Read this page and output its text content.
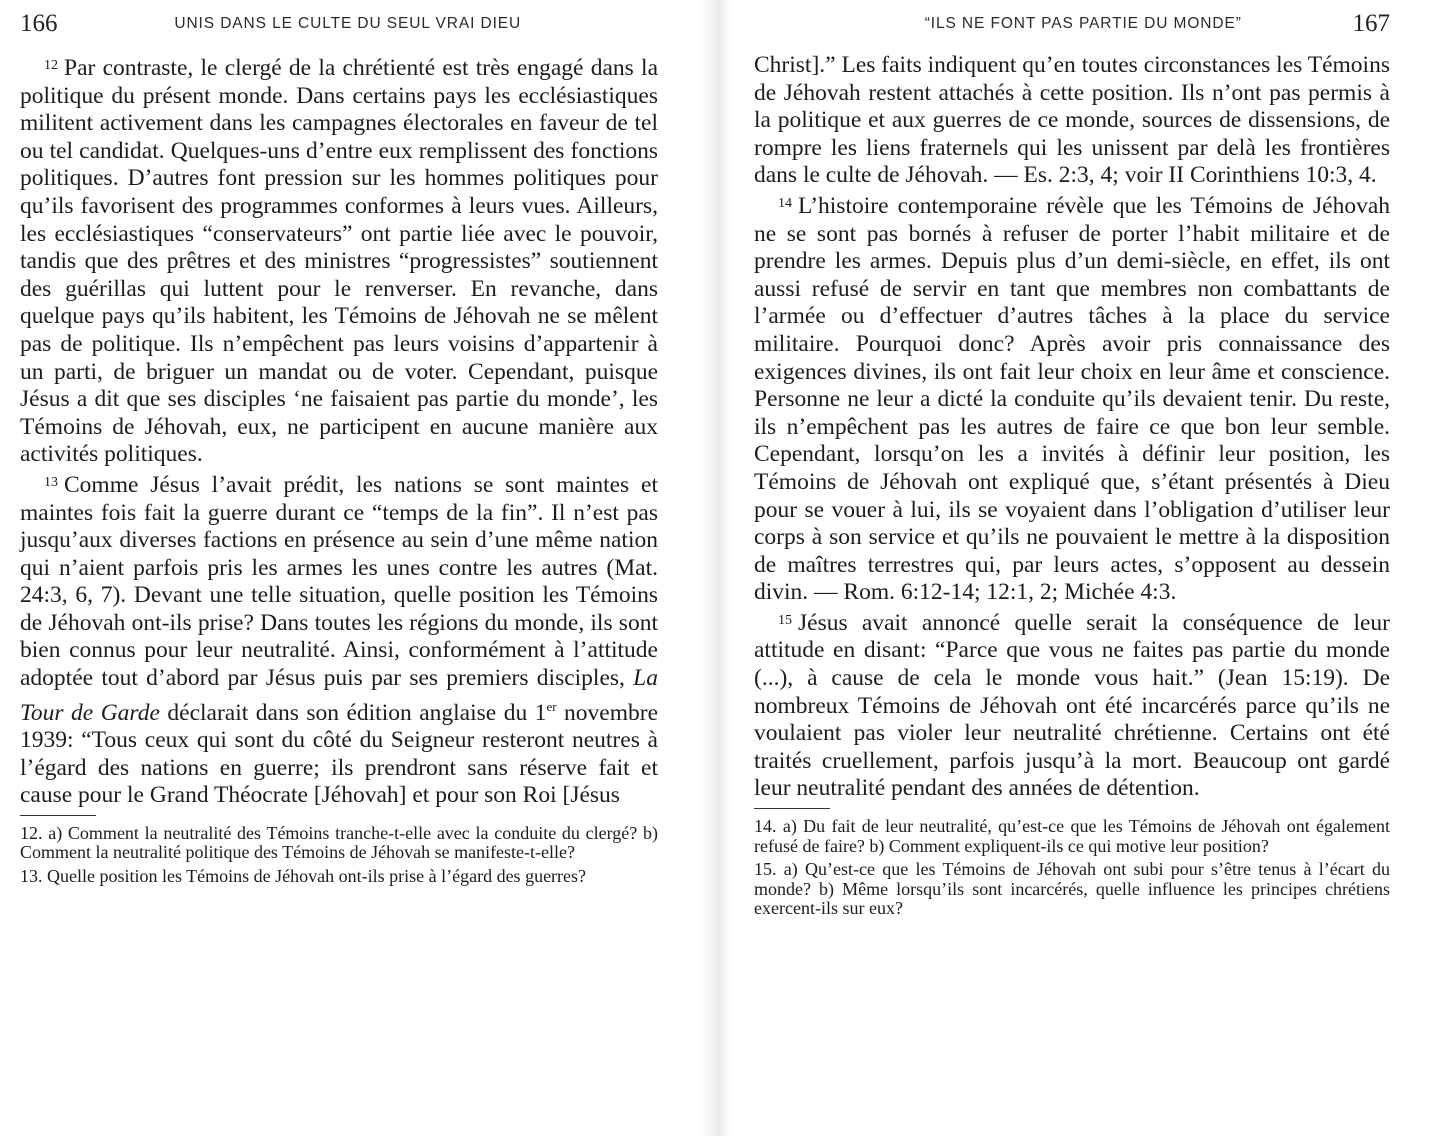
166	UNIS DANS LE CULTE DU SEUL VRAI DIEU

$^{12}$ Par contraste, le clergé de la chrétienté est très engagé dans la politique du présent monde. Dans certains pays les ecclésiastiques militent activement dans les campagnes électorales en faveur de tel ou tel candidat. Quelques-uns d’entre eux remplissent des fonctions politiques. D’autres font pression sur les hommes politiques pour qu’ils favorisent des programmes conformes à leurs vues. Ailleurs, les ecclésiastiques “conservateurs” ont partie liée avec le pouvoir, tandis que des prêtres et des ministres “progressistes” soutiennent des guérillas qui luttent pour le renverser. En revanche, dans quelque pays qu’ils habitent, les Témoins de Jéhovah ne se mêlent pas de politique. Ils n’empêchent pas leurs voisins d’appartenir à un parti, de briguer un mandat ou de voter. Cependant, puisque Jésus a dit que ses disciples ‘ne faisaient pas partie du monde’, les Témoins de Jéhovah, eux, ne participent en aucune manière aux activités politiques.

$^{13}$ Comme Jésus l’avait prédit, les nations se sont maintes et maintes fois fait la guerre durant ce “temps de la fin”. Il n’est pas jusqu’aux diverses factions en présence au sein d’une même nation qui n’aient parfois pris les armes les unes contre les autres (Mat. 24:3, 6, 7). Devant une telle situation, quelle position les Témoins de Jéhovah ont-ils prise? Dans toutes les régions du monde, ils sont bien connus pour leur neutralité. Ainsi, conformément à l’attitude adoptée tout d’abord par Jésus puis par ses premiers disciples, La Tour de Garde déclarait dans son édition anglaise du 1er novembre 1939: “Tous ceux qui sont du côté du Seigneur resteront neutres à l’égard des nations en guerre; ils prendront sans réserve fait et cause pour le Grand Théocrate [Jéhovah] et pour son Roi [Jésus

12. a) Comment la neutralité des Témoins tranche-t-elle avec la conduite du clergé? b) Comment la neutralité politique des Témoins de Jéhovah se manifeste-t-elle?

13. Quelle position les Témoins de Jéhovah ont-ils prise à l’égard des guerres?

“ILS NE FONT PAS PARTIE DU MONDE”	167

Christ].” Les faits indiquent qu’en toutes circonstances les Témoins de Jéhovah restent attachés à cette position. Ils n’ont pas permis à la politique et aux guerres de ce monde, sources de dissensions, de rompre les liens fraternels qui les unissent par delà les frontières dans le culte de Jéhovah. — Es. 2:3, 4; voir II Corinthiens 10:3, 4.

$^{14}$ L’histoire contemporaine révèle que les Témoins de Jéhovah ne se sont pas bornés à refuser de porter l’habit militaire et de prendre les armes. Depuis plus d’un demi-siècle, en effet, ils ont aussi refusé de servir en tant que membres non combattants de l’armée ou d’effectuer d’autres tâches à la place du service militaire. Pourquoi donc? Après avoir pris connaissance des exigences divines, ils ont fait leur choix en leur âme et conscience. Personne ne leur a dicté la conduite qu’ils devaient tenir. Du reste, ils n’empêchent pas les autres de faire ce que bon leur semble. Cependant, lorsqu’on les a invités à définir leur position, les Témoins de Jéhovah ont expliqué que, s’étant présentés à Dieu pour se vouer à lui, ils se voyaient dans l’obligation d’utiliser leur corps à son service et qu’ils ne pouvaient le mettre à la disposition de maîtres terrestres qui, par leurs actes, s’opposent au dessein divin. — Rom. 6:12-14; 12:1, 2; Michée 4:3.

$^{15}$ Jésus avait annoncé quelle serait la conséquence de leur attitude en disant: “Parce que vous ne faites pas partie du monde (...), à cause de cela le monde vous hait.” (Jean 15:19). De nombreux Témoins de Jéhovah ont été incarcérés parce qu’ils ne voulaient pas violer leur neutralité chrétienne. Certains ont été traités cruellement, parfois jusqu’à la mort. Beaucoup ont gardé leur neutralité pendant des années de détention.

14. a) Du fait de leur neutralité, qu’est-ce que les Témoins de Jéhovah ont également refusé de faire? b) Comment expliquent-ils ce qui motive leur position?

15. a) Qu’est-ce que les Témoins de Jéhovah ont subi pour s’être tenus à l’écart du monde? b) Même lorsqu’ils sont incarcérés, quelle influence les principes chrétiens exercent-ils sur eux?
